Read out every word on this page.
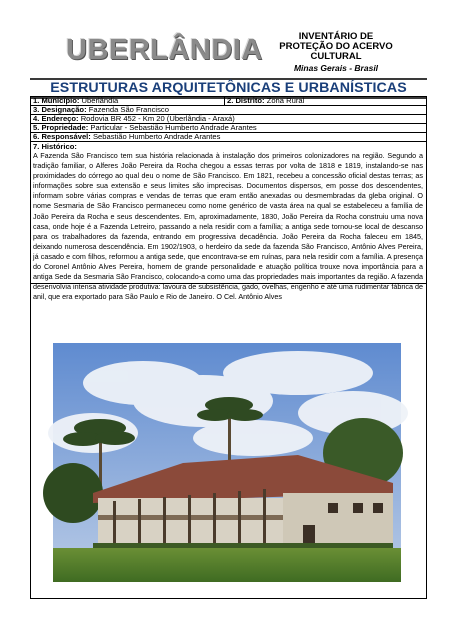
UBERLÂNDIA	INVENTÁRIO DE
PROTEÇÃO DO ACERVO
CULTURAL
Minas Gerais - Brasil
ESTRUTURAS ARQUITETÔNICAS E URBANÍSTICAS
1. Município: Uberlândia	2. Distrito: Zona Rural
3. Designação: Fazenda São Francisco
4. Endereço: Rodovia BR 452 - Km 20 (Uberlândia - Araxá)
5. Propriedade: Particular - Sebastião Humberto Andrade Arantes
6. Responsável: Sebastião Humberto Andrade Arantes
7. Histórico:
A Fazenda São Francisco tem sua história relacionada à instalação dos primeiros colonizadores na região. Segundo a tradição familiar, o Alferes João Pereira da Rocha chegou a essas terras por volta de 1818 e 1819, instalando-se nas proximidades do córrego ao qual deu o nome de São Francisco. Em 1821, recebeu a concessão oficial destas terras; as informações sobre sua extensão e seus limites são imprecisas. Documentos dispersos, em posse dos descendentes, informam sobre várias compras e vendas de terras que eram então anexadas ou desmembradas da gleba original. O nome Sesmaria de São Francisco permaneceu como nome genérico de vasta área na qual se estabeleceu a família de João Pereira da Rocha e seus descendentes. Em, aproximadamente, 1830, João Pereira da Rocha construiu uma nova casa, onde hoje é a Fazenda Letreiro, passando a nela residir com a família; a antiga sede tornou-se local de descanso para os trabalhadores da fazenda, entrando em progressiva decadência. João Pereira da Rocha faleceu em 1845, deixando numerosa descendência. Em 1902/1903, o herdeiro da sede da fazenda São Francisco, Antônio Alves Pereira, já casado e com filhos, reformou a antiga sede, que encontrava-se em ruínas, para nela residir com a família. A presença do Coronel Antônio Alves Pereira, homem de grande personalidade e atuação política trouxe nova importância para a antiga Sede da Sesmaria São Francisco, colocando-a como uma das propriedades mais importantes da região. A fazenda desenvolvia intensa atividade produtiva: lavoura de subsistência, gado, ovelhas, engenho e até uma rudimentar fábrica de anil, que era exportado para São Paulo e Rio de Janeiro. O Cel. Antônio Alves
